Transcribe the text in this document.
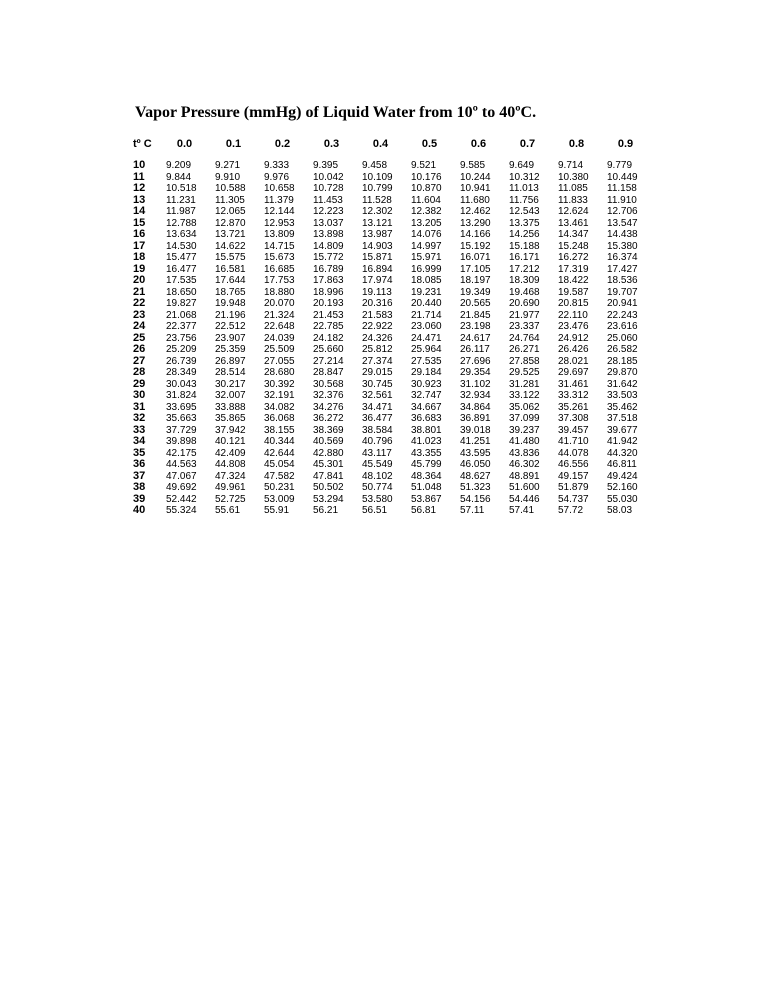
Vapor Pressure (mmHg) of Liquid Water from 10º to 40ºC.
tº C	0.0	0.1	0.2	0.3	0.4	0.5	0.6	0.7	0.8	0.9
10	9.209	9.271	9.333	9.395	9.458	9.521	9.585	9.649	9.714	9.779
11	9.844	9.910	9.976	10.042	10.109	10.176	10.244	10.312	10.380	10.449
12	10.518	10.588	10.658	10.728	10.799	10.870	10.941	11.013	11.085	11.158
13	11.231	11.305	11.379	11.453	11.528	11.604	11.680	11.756	11.833	11.910
14	11.987	12.065	12.144	12.223	12.302	12.382	12.462	12.543	12.624	12.706
15	12.788	12.870	12.953	13.037	13.121	13.205	13.290	13.375	13.461	13.547
16	13.634	13.721	13.809	13.898	13.987	14.076	14.166	14.256	14.347	14.438
17	14.530	14.622	14.715	14.809	14.903	14.997	15.192	15.188	15.248	15.380
18	15.477	15.575	15.673	15.772	15.871	15.971	16.071	16.171	16.272	16.374
19	16.477	16.581	16.685	16.789	16.894	16.999	17.105	17.212	17.319	17.427
20	17.535	17.644	17.753	17.863	17.974	18.085	18.197	18.309	18.422	18.536
21	18.650	18.765	18.880	18.996	19.113	19.231	19.349	19.468	19.587	19.707
22	19.827	19.948	20.070	20.193	20.316	20.440	20.565	20.690	20.815	20.941
23	21.068	21.196	21.324	21.453	21.583	21.714	21.845	21.977	22.110	22.243
24	22.377	22.512	22.648	22.785	22.922	23.060	23.198	23.337	23.476	23.616
25	23.756	23.907	24.039	24.182	24.326	24.471	24.617	24.764	24.912	25.060
26	25.209	25.359	25.509	25.660	25.812	25.964	26.117	26.271	26.426	26.582
27	26.739	26.897	27.055	27.214	27.374	27.535	27.696	27.858	28.021	28.185
28	28.349	28.514	28.680	28.847	29.015	29.184	29.354	29.525	29.697	29.870
29	30.043	30.217	30.392	30.568	30.745	30.923	31.102	31.281	31.461	31.642
30	31.824	32.007	32.191	32.376	32.561	32.747	32.934	33.122	33.312	33.503
31	33.695	33.888	34.082	34.276	34.471	34.667	34.864	35.062	35.261	35.462
32	35.663	35.865	36.068	36.272	36.477	36.683	36.891	37.099	37.308	37.518
33	37.729	37.942	38.155	38.369	38.584	38.801	39.018	39.237	39.457	39.677
34	39.898	40.121	40.344	40.569	40.796	41.023	41.251	41.480	41.710	41.942
35	42.175	42.409	42.644	42.880	43.117	43.355	43.595	43.836	44.078	44.320
36	44.563	44.808	45.054	45.301	45.549	45.799	46.050	46.302	46.556	46.811
37	47.067	47.324	47.582	47.841	48.102	48.364	48.627	48.891	49.157	49.424
38	49.692	49.961	50.231	50.502	50.774	51.048	51.323	51.600	51.879	52.160
39	52.442	52.725	53.009	53.294	53.580	53.867	54.156	54.446	54.737	55.030
40	55.324	55.61	55.91	56.21	56.51	56.81	57.11	57.41	57.72	58.03
